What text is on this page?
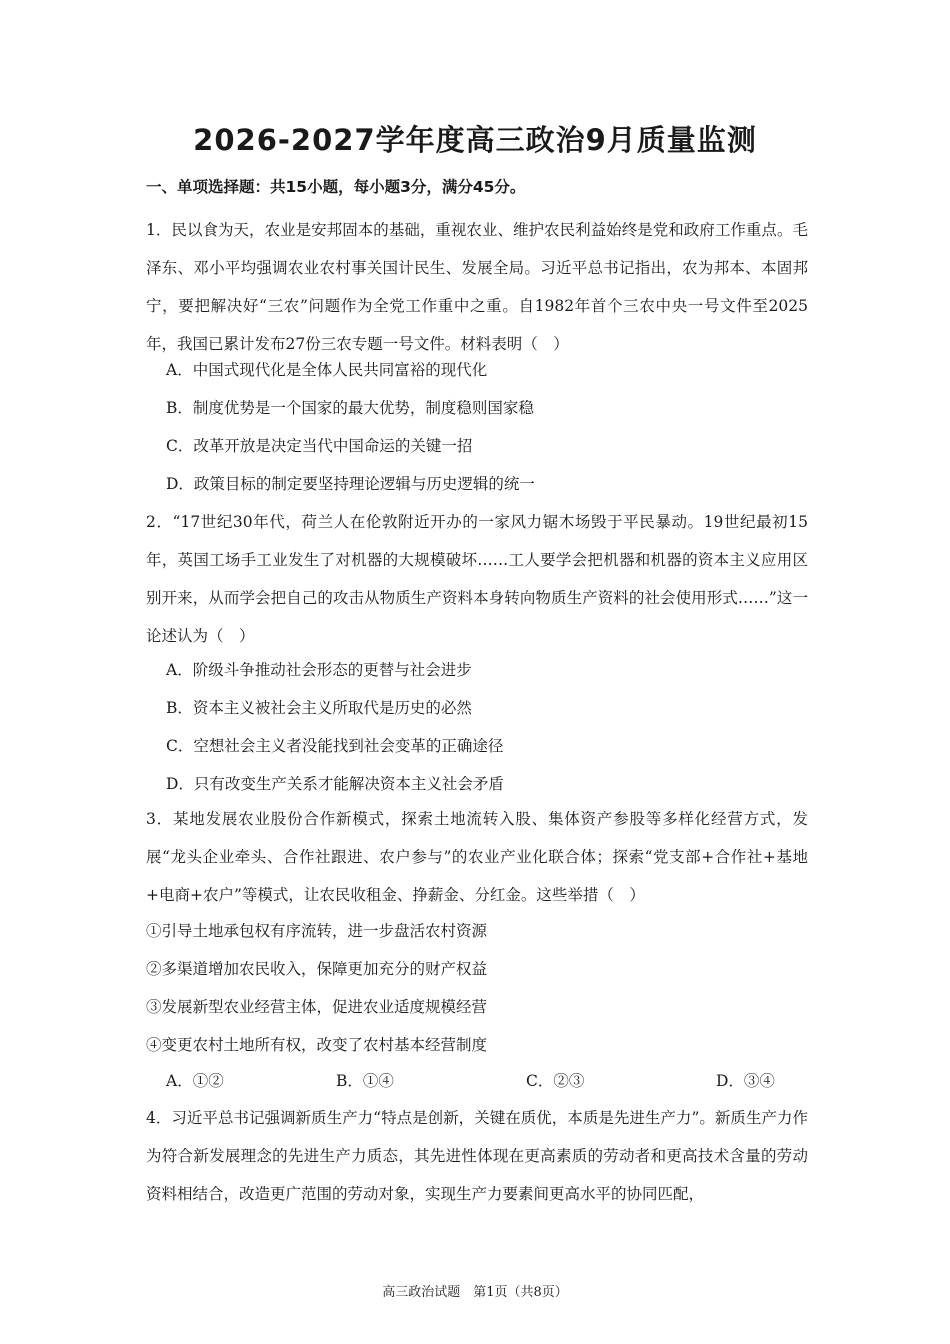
2026-2027学年度高三政治9月质量监测
一、单项选择题：共15小题，每小题3分，满分45分。

1．民以食为天，农业是安邦固本的基础，重视农业、维护农民利益始终是党和政府工作重点。毛泽东、邓小平均强调农业农村事关国计民生、发展全局。习近平总书记指出，农为邦本、本固邦宁，要把解决好“三农”问题作为全党工作重中之重。自1982年首个三农中央一号文件至2025年，我国已累计发布27份三农专题一号文件。材料表明（　）

A．中国式现代化是全体人民共同富裕的现代化
B．制度优势是一个国家的最大优势，制度稳则国家稳
C．改革开放是决定当代中国命运的关键一招
D．政策目标的制定要坚持理论逻辑与历史逻辑的统一

2．“17世纪30年代，荷兰人在伦敦附近开办的一家风力锯木场毁于平民暴动。19世纪最初15年，英国工场手工业发生了对机器的大规模破坏……工人要学会把机器和机器的资本主义应用区别开来，从而学会把自己的攻击从物质生产资料本身转向物质生产资料的社会使用形式……”这一论述认为（　）

A．阶级斗争推动社会形态的更替与社会进步
B．资本主义被社会主义所取代是历史的必然
C．空想社会主义者没能找到社会变革的正确途径
D．只有改变生产关系才能解决资本主义社会矛盾

3．某地发展农业股份合作新模式，探索土地流转入股、集体资产参股等多样化经营方式，发展“龙头企业牵头、合作社跟进、农户参与”的农业产业化联合体；探索“党支部+合作社+基地+电商+农户”等模式，让农民收租金、挣薪金、分红金。这些举措（　）

①引导土地承包权有序流转，进一步盘活农村资源
②多渠道增加农民收入，保障更加充分的财产权益
③发展新型农业经营主体，促进农业适度规模经营
④变更农村土地所有权，改变了农村基本经营制度
A．①②	B．①④	C．②③	D．③④

4．习近平总书记强调新质生产力“特点是创新，关键在质优，本质是先进生产力”。新质生产力作为符合新发展理念的先进生产力质态，其先进性体现在更高素质的劳动者和更高技术含量的劳动资料相结合，改造更广范围的劳动对象，实现生产力要素间更高水平的协同匹配，

高三政治试题　第1页（共8页）
